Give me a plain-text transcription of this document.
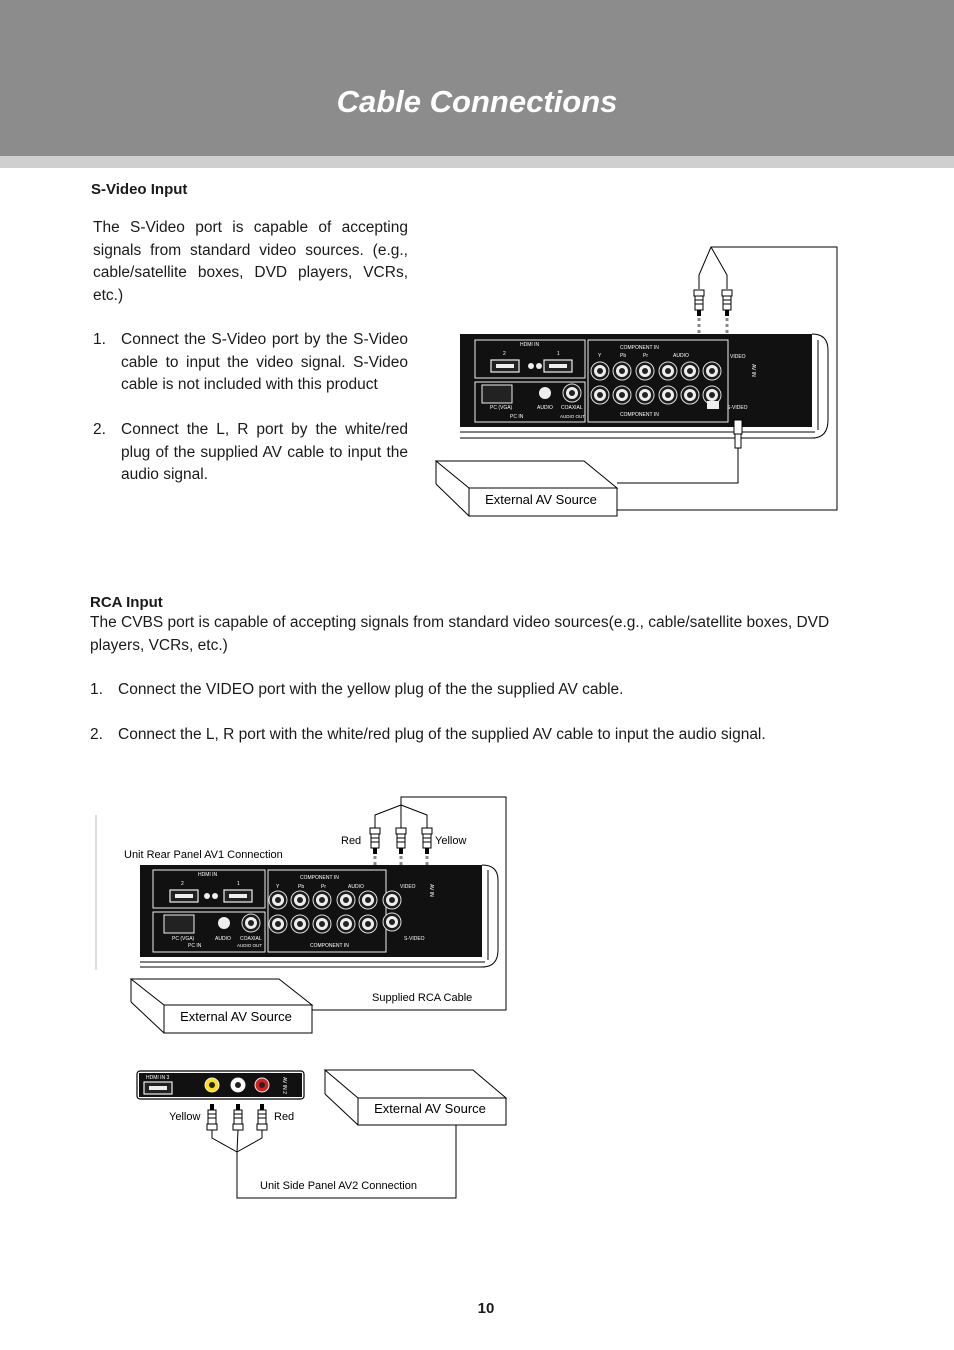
Cable Connections
S-Video Input

The S-Video port is capable of accepting signals from standard video sources. (e.g., cable/satellite boxes, DVD players, VCRs, etc.)

1. Connect the S-Video port by the S-Video cable to input the video signal. S-Video cable is not included with this product
2. Connect the L, R port by the white/red plug of the supplied AV cable to input the audio signal.
RCA Input

The CVBS port is capable of accepting signals from standard video sources(e.g., cable/satellite boxes, DVD players, VCRs, etc.)

1. Connect the VIDEO port with the yellow plug of the the supplied AV cable.
2. Connect the L, R port with the white/red plug of the supplied AV cable to input the audio signal.
HDMI IN
2	1
PC (VGA)
PC IN
AUDIO COAXIAL
AUDIO OUT
COMPONENT IN
COMPONENT IN
Y	Pb	Pr	AUDIO	VIDEO
S-VIDEO
AV IN
External AV Source
Unit Rear Panel AV1 Connection
Red	Yellow
HDMI IN
2	1
PC (VGA)
PC IN
AUDIO COAXIAL
AUDIO OUT
COMPONENT IN
COMPONENT IN
Y	Pb	Pr	AUDIO	VIDEO
S-VIDEO
AV IN
External AV Source
Supplied RCA Cable
HDMI IN 3	AV IN 2
Yellow	Red
Unit Side Panel AV2 Connection
External AV Source
10
